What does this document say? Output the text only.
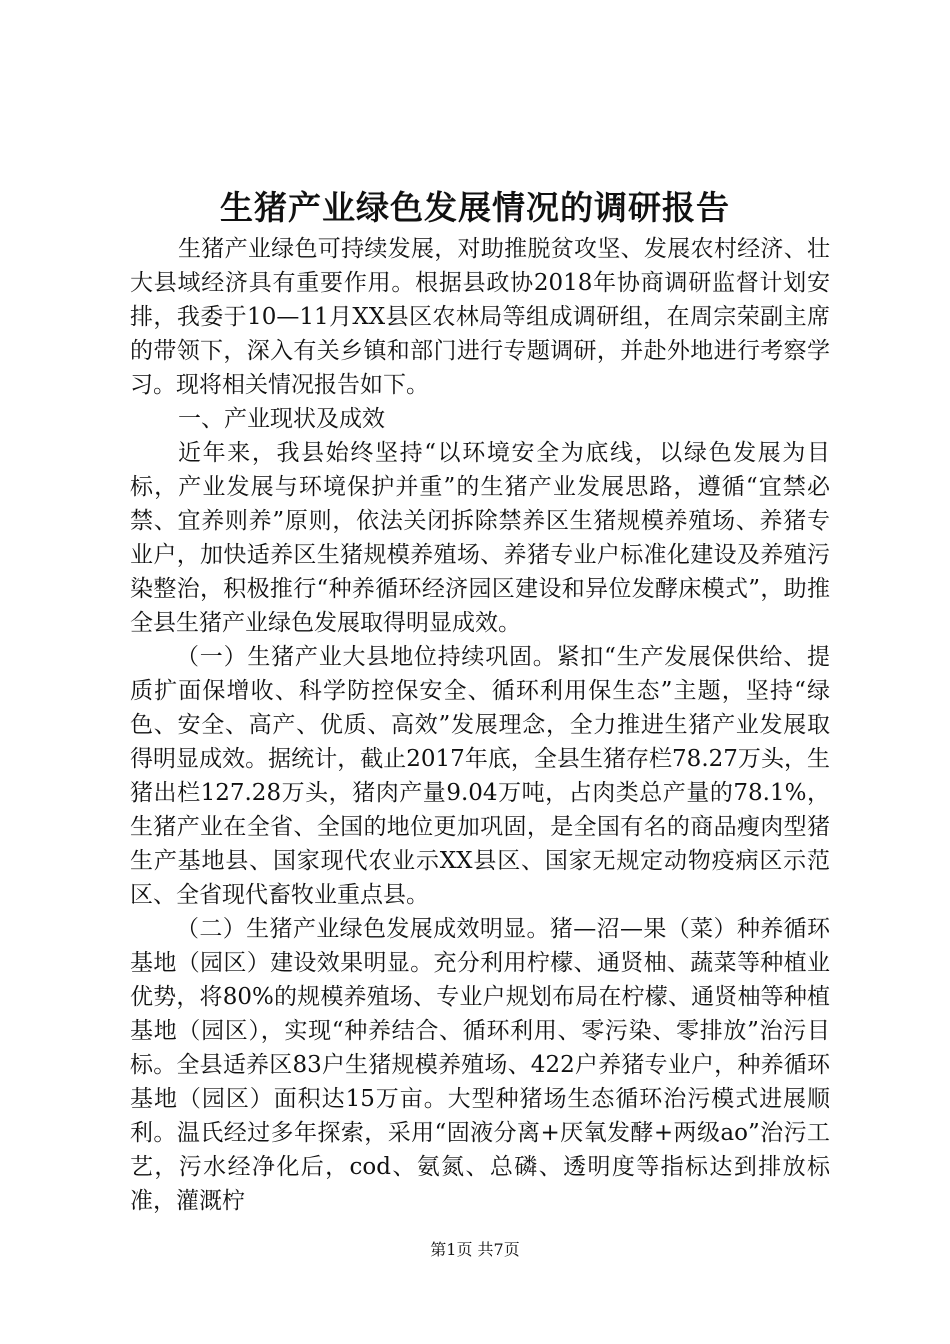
生猪产业绿色发展情况的调研报告

生猪产业绿色可持续发展，对助推脱贫攻坚、发展农村经济、壮大县域经济具有重要作用。根据县政协2018年协商调研监督计划安排，我委于10—11月XX县区农林局等组成调研组，在周宗荣副主席的带领下，深入有关乡镇和部门进行专题调研，并赴外地进行考察学习。现将相关情况报告如下。

一、产业现状及成效

近年来，我县始终坚持“以环境安全为底线，以绿色发展为目标，产业发展与环境保护并重”的生猪产业发展思路，遵循“宜禁必禁、宜养则养”原则，依法关闭拆除禁养区生猪规模养殖场、养猪专业户，加快适养区生猪规模养殖场、养猪专业户标准化建设及养殖污染整治，积极推行“种养循环经济园区建设和异位发酵床模式”，助推全县生猪产业绿色发展取得明显成效。

（一）生猪产业大县地位持续巩固。紧扣“生产发展保供给、提质扩面保增收、科学防控保安全、循环利用保生态”主题，坚持“绿色、安全、高产、优质、高效”发展理念，全力推进生猪产业发展取得明显成效。据统计，截止2017年底，全县生猪存栏78.27万头，生猪出栏127.28万头，猪肉产量9.04万吨，占肉类总产量的78.1%，生猪产业在全省、全国的地位更加巩固，是全国有名的商品瘦肉型猪生产基地县、国家现代农业示XX县区、国家无规定动物疫病区示范区、全省现代畜牧业重点县。

（二）生猪产业绿色发展成效明显。猪—沼—果（菜）种养循环基地（园区）建设效果明显。充分利用柠檬、通贤柚、蔬菜等种植业优势，将80%的规模养殖场、专业户规划布局在柠檬、通贤柚等种植基地（园区），实现“种养结合、循环利用、零污染、零排放”治污目标。全县适养区83户生猪规模养殖场、422户养猪专业户，种养循环基地（园区）面积达15万亩。大型种猪场生态循环治污模式进展顺利。温氏经过多年探索，采用“固液分离+厌氧发酵+两级ao”治污工艺，污水经净化后，cod、氨氮、总磷、透明度等指标达到排放标准，灌溉柠

第1页 共7页
